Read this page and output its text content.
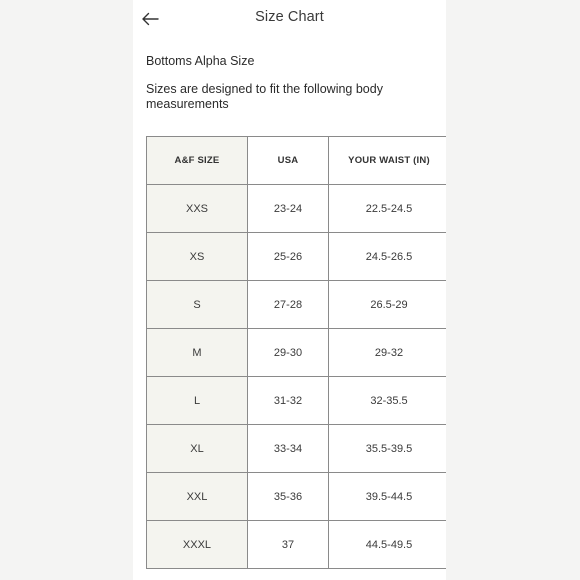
Size Chart
Bottoms Alpha Size
Sizes are designed to fit the following body measurements
A&F SIZE	USA	YOUR WAIST (IN)
XXS	23-24	22.5-24.5
XS	25-26	24.5-26.5
S	27-28	26.5-29
M	29-30	29-32
L	31-32	32-35.5
XL	33-34	35.5-39.5
XXL	35-36	39.5-44.5
XXXL	37	44.5-49.5
